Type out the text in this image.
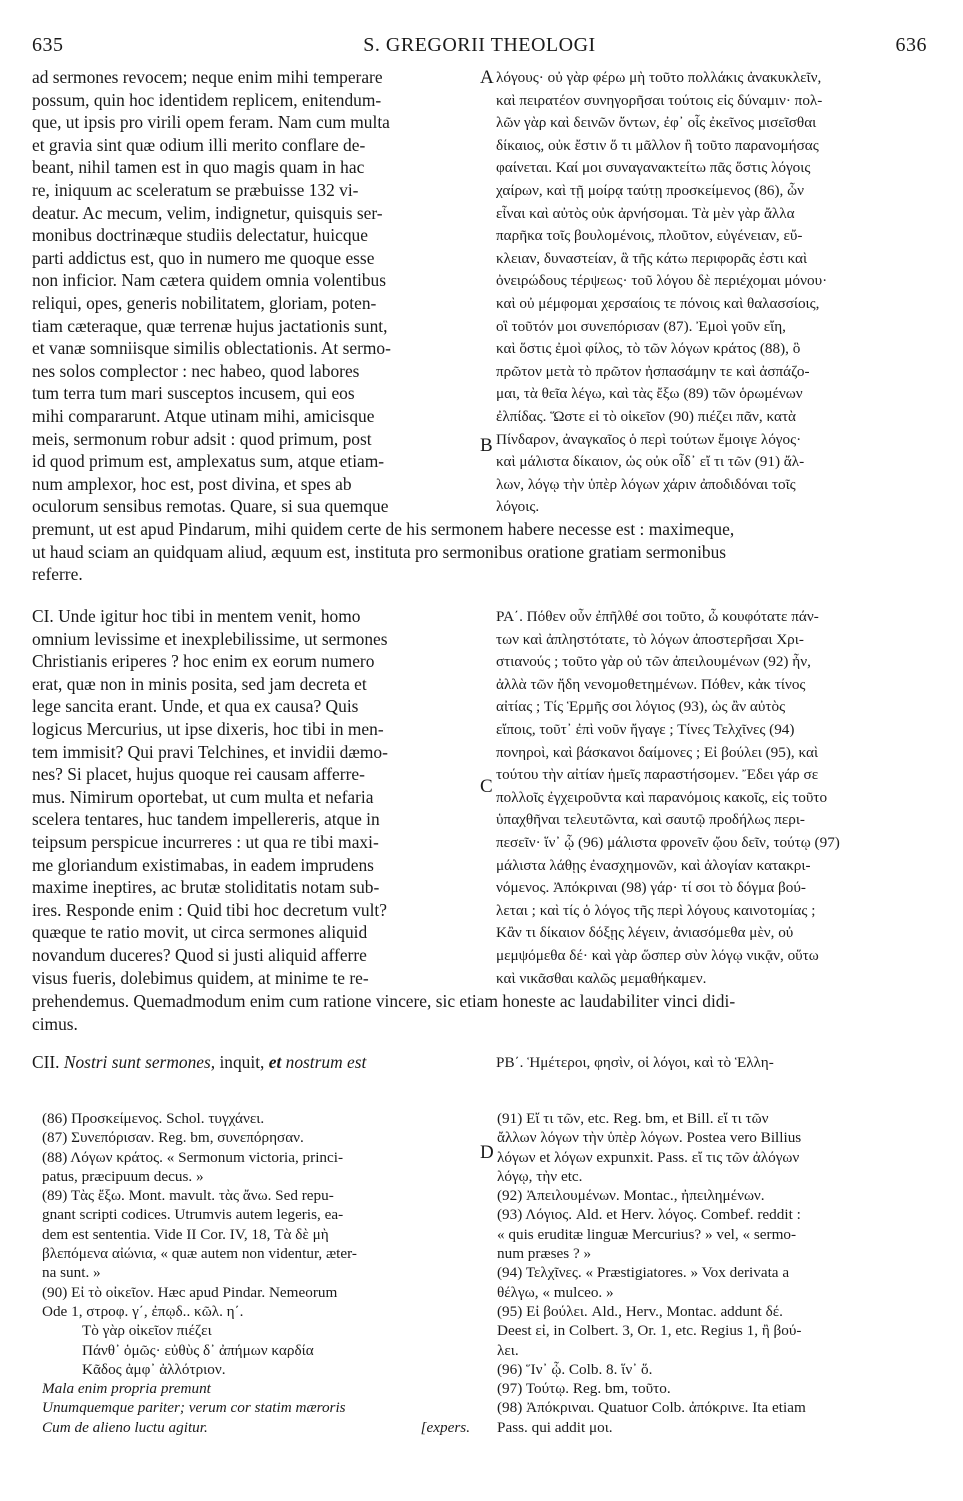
635	S. GREGORII THEOLOGI	636
A
B
C
D

ad sermones revocem; neque enim mihi temperare

possum, quin hoc identidem replicem, enitendum-

que, ut ipsis pro virili opem feram. Nam cum multa

et gravia sint quæ odium illi merito conflare de-

beant, nihil tamen est in quo magis quam in hac

re, iniquum ac sceleratum se præbuisse 132 vi-

deatur. Ac mecum, velim, indignetur, quisquis ser-

monibus doctrinæque studiis delectatur, huicque

parti addictus est, quo in numero me quoque esse

non inficior. Nam cætera quidem omnia volentibus

reliqui, opes, generis nobilitatem, gloriam, poten-

tiam cæteraque, quæ terrenæ hujus jactationis sunt,

et vanæ somniisque similis oblectationis. At sermo-

nes solos complector : nec habeo, quod labores

tum terra tum mari susceptos incusem, qui eos

mihi compararunt. Atque utinam mihi, amicisque

meis, sermonum robur adsit : quod primum, post

id quod primum est, amplexatus sum, atque etiam-

num amplexor, hoc est, post divina, et spes ab

oculorum sensibus remotas. Quare, si sua quemque

λόγους· οὐ γὰρ φέρω μὴ τοῦτο πολλάκις ἀνακυκλεῖν,

καὶ πειρατέον συνηγορῆσαι τούτοις εἰς δύναμιν· πολ-

λῶν γὰρ καὶ δεινῶν ὄντων, ἐφ᾽ οἷς ἐκεῖνος μισεῖσθαι

δίκαιος, οὐκ ἔστιν ὅ τι μᾶλλον ἢ τοῦτο παρανομήσας

φαίνεται. Καί μοι συναγανακτείτω πᾶς ὅστις λόγοις

χαίρων, καὶ τῇ μοίρᾳ ταύτῃ προσκείμενος (86), ὧν

εἶναι καὶ αὐτὸς οὐκ ἀρνήσομαι. Τὰ μὲν γὰρ ἄλλα

παρῆκα τοῖς βουλομένοις, πλοῦτον, εὐγένειαν, εὔ-

κλειαν, δυναστείαν, ἃ τῆς κάτω περιφορᾶς ἐστι καὶ

ὀνειρώδους τέρψεως· τοῦ λόγου δὲ περιέχομαι μόνου·

καὶ οὐ μέμφομαι χερσαίοις τε πόνοις καὶ θαλασσίοις,

οἳ τοῦτόν μοι συνεπόρισαν (87). Ἐμοὶ γοῦν εἴη,

καὶ ὅστις ἐμοὶ φίλος, τὸ τῶν λόγων κράτος (88), ὃ

πρῶτον μετὰ τὸ πρῶτον ἠσπασάμην τε καὶ ἀσπάζο-

μαι, τὰ θεῖα λέγω, καὶ τὰς ἔξω (89) τῶν ὁρωμένων

ἐλπίδας. Ὥστε εἰ τὸ οἰκεῖον (90) πιέζει πᾶν, κατὰ

Πίνδαρον, ἀναγκαῖος ὁ περὶ τούτων ἔμοιγε λόγος·

καὶ μάλιστα δίκαιον, ὡς οὐκ οἶδ᾽ εἴ τι τῶν (91) ἄλ-

λων, λόγῳ τὴν ὑπὲρ λόγων χάριν ἀποδιδόναι τοῖς

λόγοις.

premunt, ut est apud Pindarum, mihi quidem certe de his sermonem habere necesse est : maximeque,

ut haud sciam an quidquam aliud, æquum est, instituta pro sermonibus oratione gratiam sermonibus

referre.

CI. Unde igitur hoc tibi in mentem venit, homo

omnium levissime et inexplebilissime, ut sermones

Christianis eriperes ? hoc enim ex eorum numero

erat, quæ non in minis posita, sed jam decreta et

lege sancita erant. Unde, et qua ex causa? Quis

logicus Mercurius, ut ipse dixeris, hoc tibi in men-

tem immisit? Qui pravi Telchines, et invidii dæmo-

nes? Si placet, hujus quoque rei causam afferre-

mus. Nimirum oportebat, ut cum multa et nefaria

scelera tentares, huc tandem impellereris, atque in

teipsum perspicue incurreres : ut qua re tibi maxi-

me gloriandum existimabas, in eadem imprudens

maxime ineptires, ac brutæ stoliditatis notam sub-

ires. Responde enim : Quid tibi hoc decretum vult?

quæque te ratio movit, ut circa sermones aliquid

novandum duceres? Quod si justi aliquid afferre

visus fueris, dolebimus quidem, at minime te re-

ΡΑ΄. Πόθεν οὖν ἐπῆλθέ σοι τοῦτο, ὦ κουφότατε πάν-

των καὶ ἀπληστότατε, τὸ λόγων ἀποστερῆσαι Χρι-

στιανούς ; τοῦτο γὰρ οὐ τῶν ἀπειλουμένων (92) ἦν,

ἀλλὰ τῶν ἤδη νενομοθετημένων. Πόθεν, κἀκ τίνος

αἰτίας ; Τίς Ἑρμῆς σοι λόγιος (93), ὡς ἂν αὐτὸς

εἴποις, τοῦτ᾽ ἐπὶ νοῦν ἤγαγε ; Τίνες Τελχῖνες (94)

πονηροὶ, καὶ βάσκανοι δαίμονες ; Εἰ βούλει (95), καὶ

τούτου τὴν αἰτίαν ἡμεῖς παραστήσομεν. Ἔδει γάρ σε

πολλοῖς ἐγχειροῦντα καὶ παρανόμοις κακοῖς, εἰς τοῦτο

ὑπαχθῆναι τελευτῶντα, καὶ σαυτῷ προδήλως περι-

πεσεῖν· ἵν᾽ ᾧ (96) μάλιστα φρονεῖν ᾤου δεῖν, τούτῳ (97)

μάλιστα λάθῃς ἐνασχημονῶν, καὶ ἀλογίαν κατακρι-

νόμενος. Ἀπόκριναι (98) γάρ· τί σοι τὸ δόγμα βού-

λεται ; καὶ τίς ὁ λόγος τῆς περὶ λόγους καινοτομίας ;

Κἂν τι δίκαιον δόξῃς λέγειν, ἀνιασόμεθα μὲν, οὐ

μεμψόμεθα δέ· καὶ γὰρ ὥσπερ σὺν λόγῳ νικᾷν, οὕτω

καὶ νικᾶσθαι καλῶς μεμαθήκαμεν.

prehendemus. Quemadmodum enim cum ratione vincere, sic etiam honeste ac laudabiliter vinci didi-

cimus.

CII. Nostri sunt sermones, inquit, et nostrum est	ΡΒ΄. Ἡμέτεροι, φησὶν, οἱ λόγοι, καὶ τὸ Ἑλλη-

(86) Προσκείμενος. Schol. τυγχάνει.

(87) Συνεπόρισαν. Reg. bm, συνεπόρησαν.

(88) Λόγων κράτος. « Sermonum victoria, princi-

patus, præcipuum decus. »

(89) Τὰς ἔξω. Mont. mavult. τὰς ἄνω. Sed repu-

gnant scripti codices. Utrumvis autem legeris, ea-

dem est sententia. Vide II Cor. IV, 18, Τὰ δὲ μὴ

βλεπόμενα αἰώνια, « quæ autem non videntur, æter-

na sunt. »

(90) Εἰ τὸ οἰκεῖον. Hæc apud Pindar. Nemeorum

Ode 1, στροφ. γ΄, ἐπῳδ.. κῶλ. η΄.

Τὸ γὰρ οἰκεῖον πιέζει

Πάνθ᾽ ὁμῶς· εὐθὺς δ᾽ ἀπήμων καρδία

Κᾶδος ἀμφ᾽ ἀλλότριον.

Mala enim propria premunt

Unumquemque pariter; verum cor statim mæroris

Cum de alieno luctu agitur.	[expers.

(91) Εἴ τι τῶν, etc. Reg. bm, et Bill. εἴ τι τῶν

ἄλλων λόγων τὴν ὑπὲρ λόγων. Postea vero Billius

λόγων et λόγων expunxit. Pass. εἴ τις τῶν ἀλόγων

λόγῳ, τὴν etc.

(92) Ἀπειλουμένων. Montac., ἠπειλημένων.

(93) Λόγιος. Ald. et Herv. λόγος. Combef. reddit :

« quis eruditæ linguæ Mercurius? » vel, « sermo-

num præses ? »

(94) Τελχῖνες. « Præstigiatores. » Vox derivata a

θέλγω, « mulceo. »

(95) Εἰ βούλει. Ald., Herv., Montac. addunt δέ.

Deest εἰ, in Colbert. 3, Or. 1, etc. Regius 1, ἢ βού-

λει.

(96) Ἵν᾽ ᾧ. Colb. 8. ἵν᾽ ὅ.

(97) Τούτῳ. Reg. bm, τοῦτο.

(98) Ἀπόκριναι. Quatuor Colb. ἀπόκρινε. Ita etiam

Pass. qui addit μοι.
